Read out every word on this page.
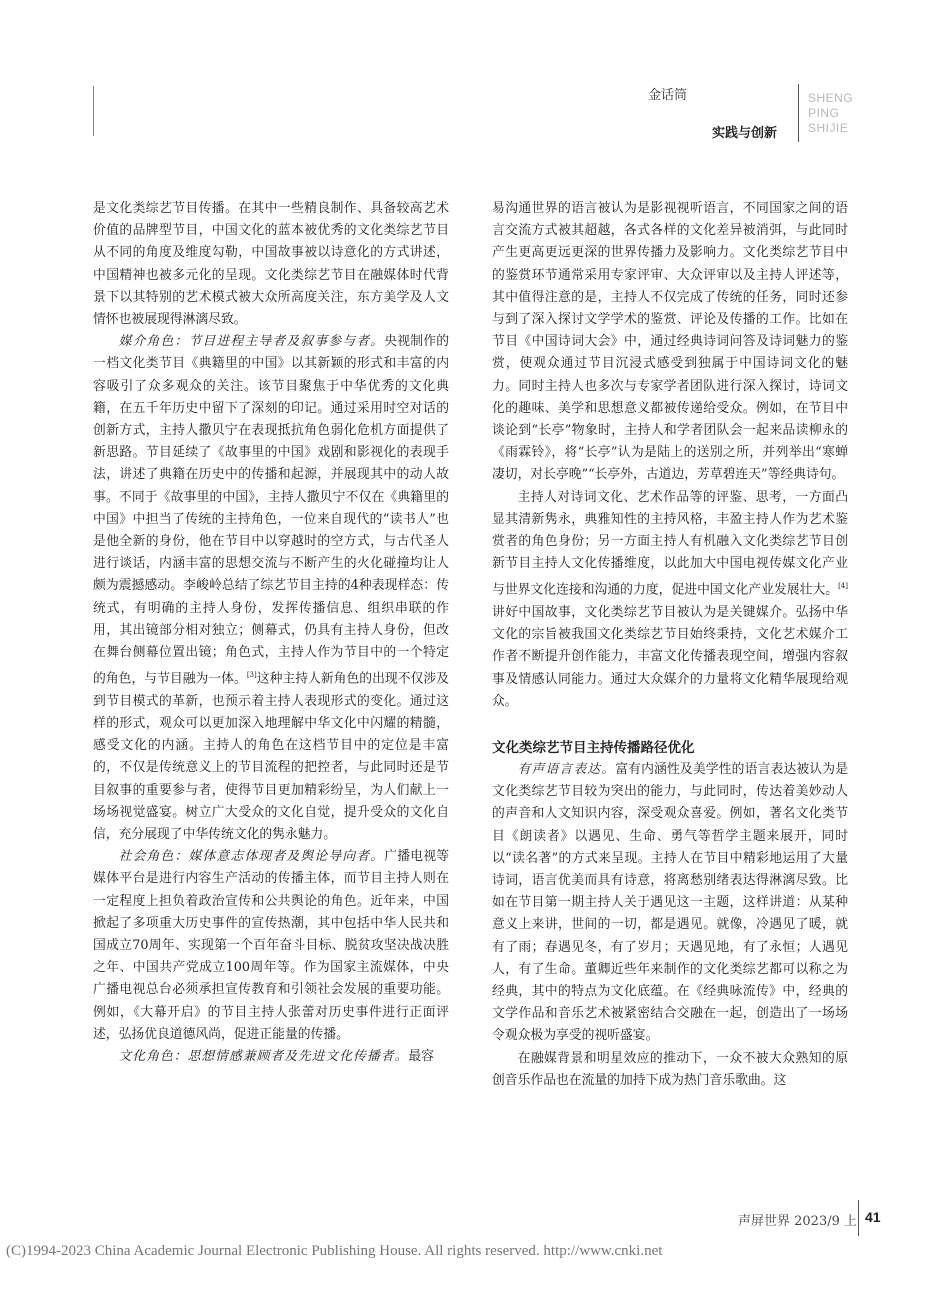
金话筒
实践与创新
SHENG
PING
SHIJIE

是文化类综艺节目传播。在其中一些精良制作、具备较高艺术价值的品牌型节目，中国文化的蓝本被优秀的文化类综艺节目从不同的角度及维度勾勒，中国故事被以诗意化的方式讲述，中国精神也被多元化的呈现。文化类综艺节目在融媒体时代背景下以其特别的艺术模式被大众所高度关注，东方美学及人文情怀也被展现得淋漓尽致。

媒介角色：节目进程主导者及叙事参与者。央视制作的一档文化类节目《典籍里的中国》以其新颖的形式和丰富的内容吸引了众多观众的关注。该节目聚焦于中华优秀的文化典籍，在五千年历史中留下了深刻的印记。通过采用时空对话的创新方式，主持人撒贝宁在表现抵抗角色弱化危机方面提供了新思路。节目延续了《故事里的中国》戏剧和影视化的表现手法，讲述了典籍在历史中的传播和起源，并展现其中的动人故事。不同于《故事里的中国》，主持人撒贝宁不仅在《典籍里的中国》中担当了传统的主持角色，一位来自现代的“读书人”也是他全新的身份，他在节目中以穿越时的空方式，与古代圣人进行谈话，内涵丰富的思想交流与不断产生的火化碰撞均让人颇为震撼感动。李峻岭总结了综艺节目主持的4种表现样态：传统式，有明确的主持人身份，发挥传播信息、组织串联的作用，其出镜部分相对独立；侧幕式，仍具有主持人身份，但改在舞台侧幕位置出镜；角色式，主持人作为节目中的一个特定的角色，与节目融为一体。[3]这种主持人新角色的出现不仅涉及到节目模式的革新，也预示着主持人表现形式的变化。通过这样的形式，观众可以更加深入地理解中华文化中闪耀的精髓，感受文化的内涵。主持人的角色在这档节目中的定位是丰富的，不仅是传统意义上的节目流程的把控者，与此同时还是节目叙事的重要参与者，使得节目更加精彩纷呈，为人们献上一场场视觉盛宴。树立广大受众的文化自觉，提升受众的文化自信，充分展现了中华传统文化的隽永魅力。

社会角色：媒体意志体现者及舆论导向者。广播电视等媒体平台是进行内容生产活动的传播主体，而节目主持人则在一定程度上担负着政治宣传和公共舆论的角色。近年来，中国掀起了多项重大历史事件的宣传热潮，其中包括中华人民共和国成立70周年、实现第一个百年奋斗目标、脱贫攻坚决战决胜之年、中国共产党成立100周年等。作为国家主流媒体，中央广播电视总台必须承担宣传教育和引领社会发展的重要功能。例如，《大幕开启》的节目主持人张蕾对历史事件进行正面评述，弘扬优良道德风尚，促进正能量的传播。

文化角色：思想情感兼顾者及先进文化传播者。最容

易沟通世界的语言被认为是影视视听语言，不同国家之间的语言交流方式被其超越，各式各样的文化差异被消弭，与此同时产生更高更远更深的世界传播力及影响力。文化类综艺节目中的鉴赏环节通常采用专家评审、大众评审以及主持人评述等，其中值得注意的是，主持人不仅完成了传统的任务，同时还参与到了深入探讨文学学术的鉴赏、评论及传播的工作。比如在节目《中国诗词大会》中，通过经典诗词问答及诗词魅力的鉴赏，使观众通过节目沉浸式感受到独属于中国诗词文化的魅力。同时主持人也多次与专家学者团队进行深入探讨，诗词文化的趣味、美学和思想意义都被传递给受众。例如，在节目中谈论到“长亭”物象时，主持人和学者团队会一起来品读柳永的《雨霖铃》，将“长亭”认为是陆上的送别之所，并列举出“寒蝉凄切，对长亭晚”“长亭外，古道边，芳草碧连天”等经典诗句。

主持人对诗词文化、艺术作品等的评鉴、思考，一方面凸显其清新隽永，典雅知性的主持风格，丰盈主持人作为艺术鉴赏者的角色身份；另一方面主持人有机融入文化类综艺节目创新节目主持人文化传播维度，以此加大中国电视传媒文化产业与世界文化连接和沟通的力度，促进中国文化产业发展壮大。[4]讲好中国故事，文化类综艺节目被认为是关键媒介。弘扬中华文化的宗旨被我国文化类综艺节目始终秉持，文化艺术媒介工作者不断提升创作能力，丰富文化传播表现空间，增强内容叙事及情感认同能力。通过大众媒介的力量将文化精华展现给观众。

文化类综艺节目主持传播路径优化

有声语言表达。富有内涵性及美学性的语言表达被认为是文化类综艺节目较为突出的能力，与此同时，传达着美妙动人的声音和人文知识内容，深受观众喜爱。例如，著名文化类节目《朗读者》以遇见、生命、勇气等哲学主题来展开，同时以“读名著”的方式来呈现。主持人在节目中精彩地运用了大量诗词，语言优美而具有诗意，将离愁别绪表达得淋漓尽致。比如在节目第一期主持人关于遇见这一主题，这样讲道：从某种意义上来讲，世间的一切，都是遇见。就像，冷遇见了暖，就有了雨；春遇见冬，有了岁月；天遇见地，有了永恒；人遇见人，有了生命。董卿近些年来制作的文化类综艺都可以称之为经典，其中的特点为文化底蕴。在《经典咏流传》中，经典的文学作品和音乐艺术被紧密结合交融在一起，创造出了一场场令观众极为享受的视听盛宴。

在融媒背景和明星效应的推动下，一众不被大众熟知的原创音乐作品也在流量的加持下成为热门音乐歌曲。这

声屏世界 2023/9 上 41
(C)1994-2023 China Academic Journal Electronic Publishing House. All rights reserved. http://www.cnki.net
